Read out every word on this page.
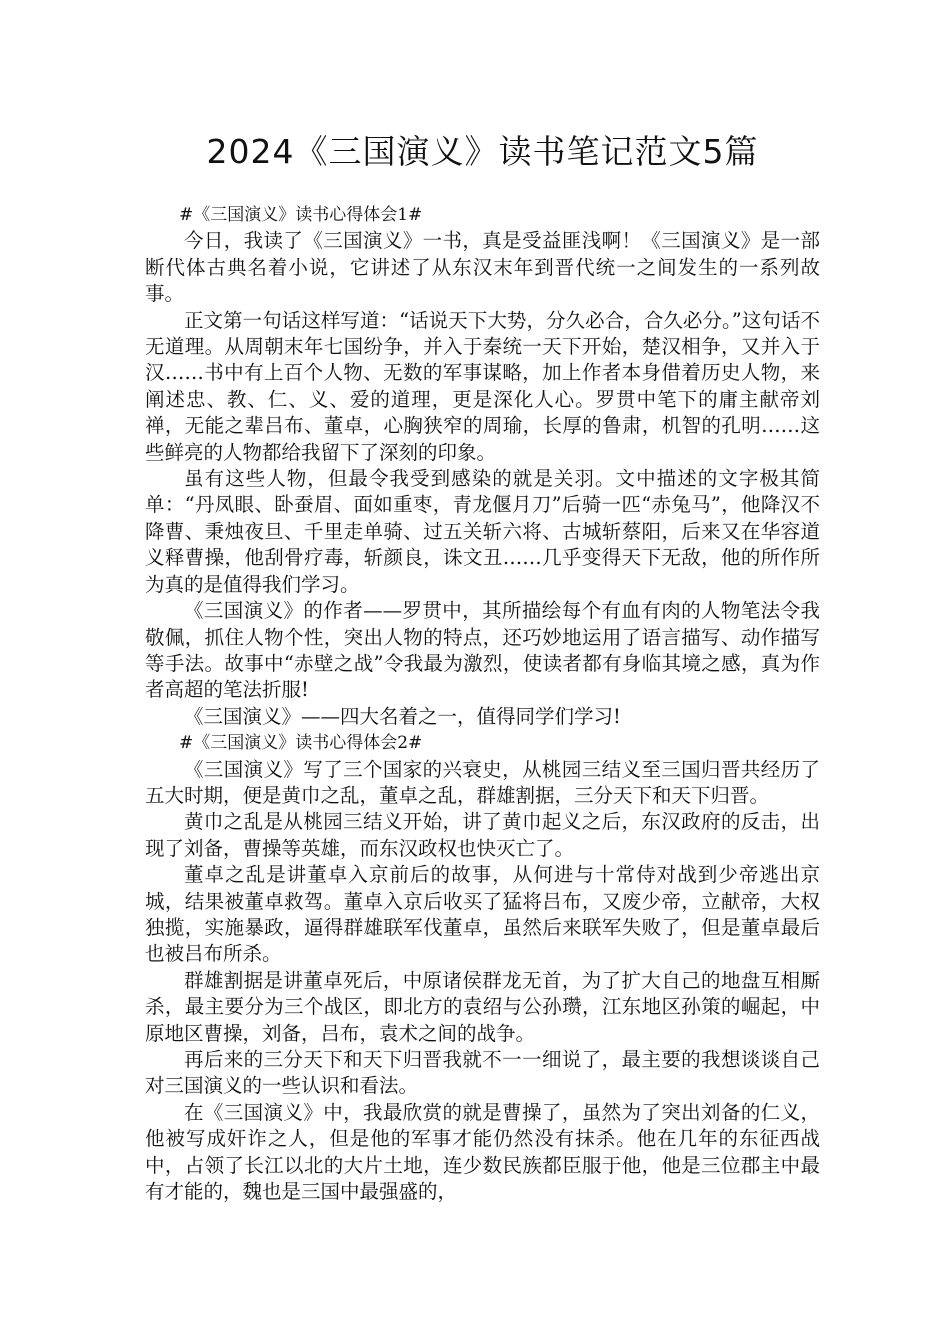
2024《三国演义》读书笔记范文5篇

#《三国演义》读书心得体会1#

今日，我读了《三国演义》一书，真是受益匪浅啊！《三国演义》是一部断代体古典名着小说，它讲述了从东汉末年到晋代统一之间发生的一系列故事。

正文第一句话这样写道：“话说天下大势，分久必合，合久必分。”这句话不无道理。从周朝末年七国纷争，并入于秦统一天下开始，楚汉相争，又并入于汉……书中有上百个人物、无数的军事谋略，加上作者本身借着历史人物，来阐述忠、教、仁、义、爱的道理，更是深化人心。罗贯中笔下的庸主献帝刘禅，无能之辈吕布、董卓，心胸狭窄的周瑜，长厚的鲁肃，机智的孔明……这些鲜亮的人物都给我留下了深刻的印象。

虽有这些人物，但最令我受到感染的就是关羽。文中描述的文字极其简单：“丹凤眼、卧蚕眉、面如重枣，青龙偃月刀”后骑一匹“赤兔马”，他降汉不降曹、秉烛夜旦、千里走单骑、过五关斩六将、古城斩蔡阳，后来又在华容道义释曹操，他刮骨疗毒，斩颜良，诛文丑……几乎变得天下无敌，他的所作所为真的是值得我们学习。

《三国演义》的作者——罗贯中，其所描绘每个有血有肉的人物笔法令我敬佩，抓住人物个性，突出人物的特点，还巧妙地运用了语言描写、动作描写等手法。故事中“赤壁之战”令我最为激烈，使读者都有身临其境之感，真为作者高超的笔法折服!

《三国演义》——四大名着之一，值得同学们学习!

#《三国演义》读书心得体会2#

《三国演义》写了三个国家的兴衰史，从桃园三结义至三国归晋共经历了五大时期，便是黄巾之乱，董卓之乱，群雄割据，三分天下和天下归晋。

黄巾之乱是从桃园三结义开始，讲了黄巾起义之后，东汉政府的反击，出现了刘备，曹操等英雄，而东汉政权也快灭亡了。

董卓之乱是讲董卓入京前后的故事，从何进与十常侍对战到少帝逃出京城，结果被董卓救驾。董卓入京后收买了猛将吕布，又废少帝，立献帝，大权独揽，实施暴政，逼得群雄联军伐董卓，虽然后来联军失败了，但是董卓最后也被吕布所杀。

群雄割据是讲董卓死后，中原诸侯群龙无首，为了扩大自己的地盘互相厮杀，最主要分为三个战区，即北方的袁绍与公孙瓒，江东地区孙策的崛起，中原地区曹操，刘备，吕布，袁术之间的战争。

再后来的三分天下和天下归晋我就不一一细说了，最主要的我想谈谈自己对三国演义的一些认识和看法。

在《三国演义》中，我最欣赏的就是曹操了，虽然为了突出刘备的仁义，他被写成奸诈之人，但是他的军事才能仍然没有抹杀。他在几年的东征西战中，占领了长江以北的大片土地，连少数民族都臣服于他，他是三位郡主中最有才能的，魏也是三国中最强盛的，
